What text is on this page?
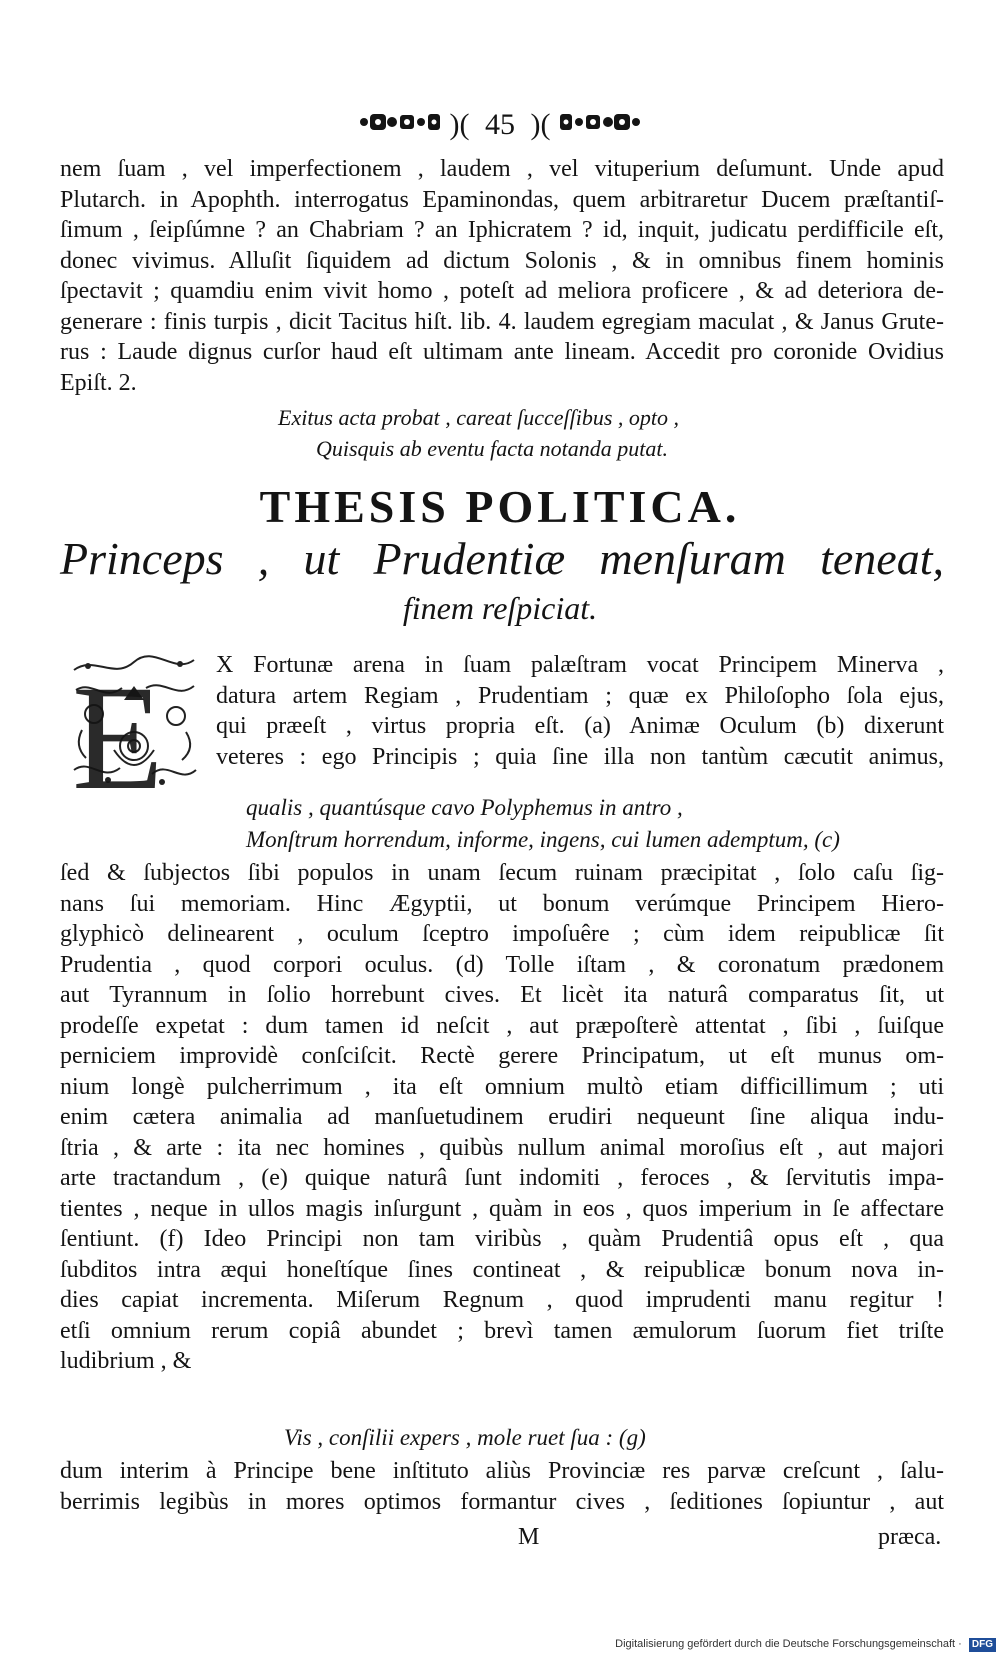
)( 45 )(
nem ſuam , vel imperfectionem , laudem , vel vituperium deſumunt. Unde apud
Plutarch. in Apophth. interrogatus Epaminondas, quem arbitraretur Ducem præſtantiſ-
ſimum , ſeipſúmne ? an Chabriam ? an Iphicratem ? id, inquit, judicatu perdifficile eſt,
donec vivimus. Alluſit ſiquidem ad dictum Solonis , & in omnibus finem hominis
ſpectavit ; quamdiu enim vivit homo , poteſt ad meliora proficere , & ad deteriora de-
generare : finis turpis , dicit Tacitus hiſt. lib. 4. laudem egregiam maculat , & Janus Grute-
rus : Laude dignus curſor haud eſt ultimam ante lineam. Accedit pro coronide Ovidius
Epiſt. 2.
Exitus acta probat , careat ſucceſſibus , opto ,
Quisquis ab eventu facta notanda putat.
THESIS POLITICA.
Princeps , ut Prudentiæ menſuram teneat,
finem reſpiciat.
E X Fortunæ arena in ſuam palæſtram vocat Principem Minerva ,
datura artem Regiam , Prudentiam ; quæ ex Philoſopho ſola ejus,
qui præeſt , virtus propria eſt. (a) Animæ Oculum (b) dixerunt
veteres : ego Principis ; quia ſine illa non tantùm cæcutit animus,
qualis , quantúsque cavo Polyphemus in antro ,
Monſtrum horrendum, informe, ingens, cui lumen ademptum, (c)
ſed & ſubjectos ſibi populos in unam ſecum ruinam præcipitat , ſolo caſu ſig-
nans ſui memoriam. Hinc Ægyptii, ut bonum verúmque Principem Hiero-
glyphicò delinearent , oculum ſceptro impoſuêre ; cùm idem reipublicæ ſit
Prudentia , quod corpori oculus. (d) Tolle iſtam , & coronatum prædonem
aut Tyrannum in ſolio horrebunt cives. Et licèt ita naturâ comparatus ſit, ut
prodeſſe expetat : dum tamen id neſcit , aut præpoſterè attentat , ſibi , ſuiſque
perniciem improvidè conſciſcit. Rectè gerere Principatum, ut eſt munus om-
nium longè pulcherrimum , ita eſt omnium multò etiam difficillimum ; uti
enim cætera animalia ad manſuetudinem erudiri nequeunt ſine aliqua indu-
ſtria , & arte : ita nec homines , quibùs nullum animal moroſius eſt , aut majori
arte tractandum , (e) quique naturâ ſunt indomiti , feroces , & ſervitutis impa-
tientes , neque in ullos magis inſurgunt , quàm in eos , quos imperium in ſe affectare
ſentiunt. (f) Ideo Principi non tam viribùs , quàm Prudentiâ opus eſt , qua
ſubditos intra æqui honeſtíque ſines contineat , & reipublicæ bonum nova in-
dies capiat incrementa. Miſerum Regnum , quod imprudenti manu regitur !
etſi omnium rerum copiâ abundet ; brevì tamen æmulorum ſuorum fiet triſte
ludibrium , &
Vis , conſilii expers , mole ruet ſua : (g)
dum interim à Principe bene inſtituto aliùs Provinciæ res parvæ creſcunt , ſalu-
berrimis legibùs in mores optimos formantur cives , ſeditiones ſopiuntur , aut
M	præca.
Digitalisierung gefördert durch die Deutsche Forschungsgemeinschaft · DFG
